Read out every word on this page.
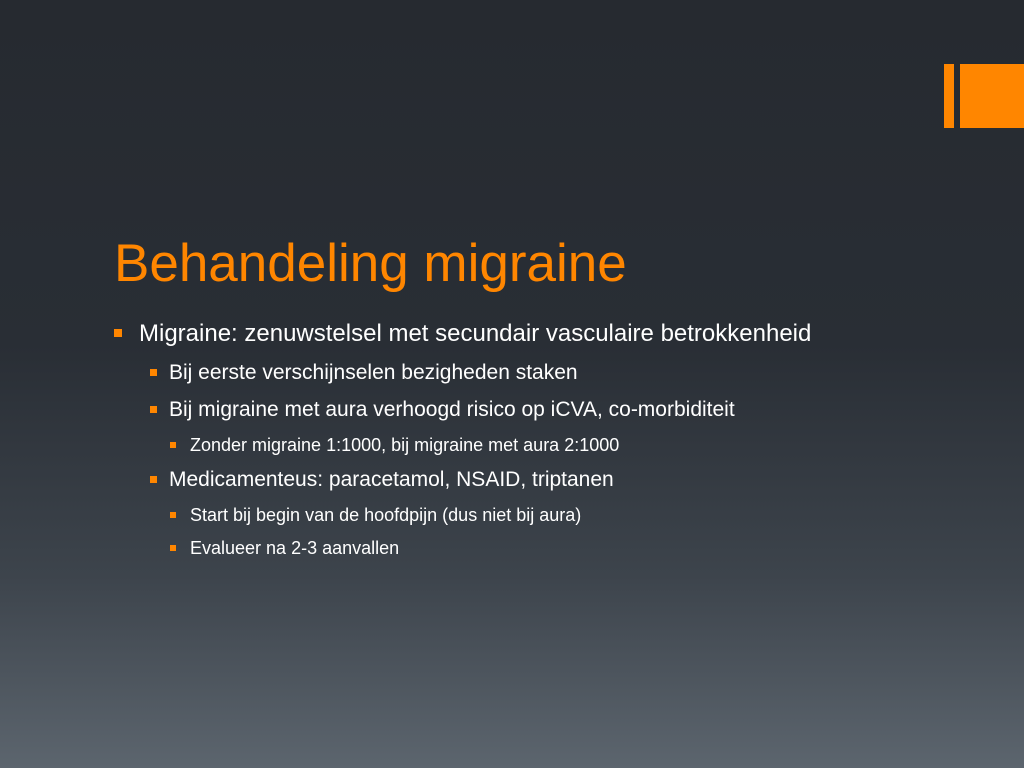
Behandeling migraine
Migraine: zenuwstelsel met secundair vasculaire betrokkenheid
Bij eerste verschijnselen bezigheden staken
Bij migraine met aura verhoogd risico op iCVA, co-morbiditeit
Zonder migraine 1:1000, bij migraine met aura 2:1000
Medicamenteus: paracetamol, NSAID, triptanen
Start bij begin van de hoofdpijn (dus niet bij aura)
Evalueer na 2-3 aanvallen
